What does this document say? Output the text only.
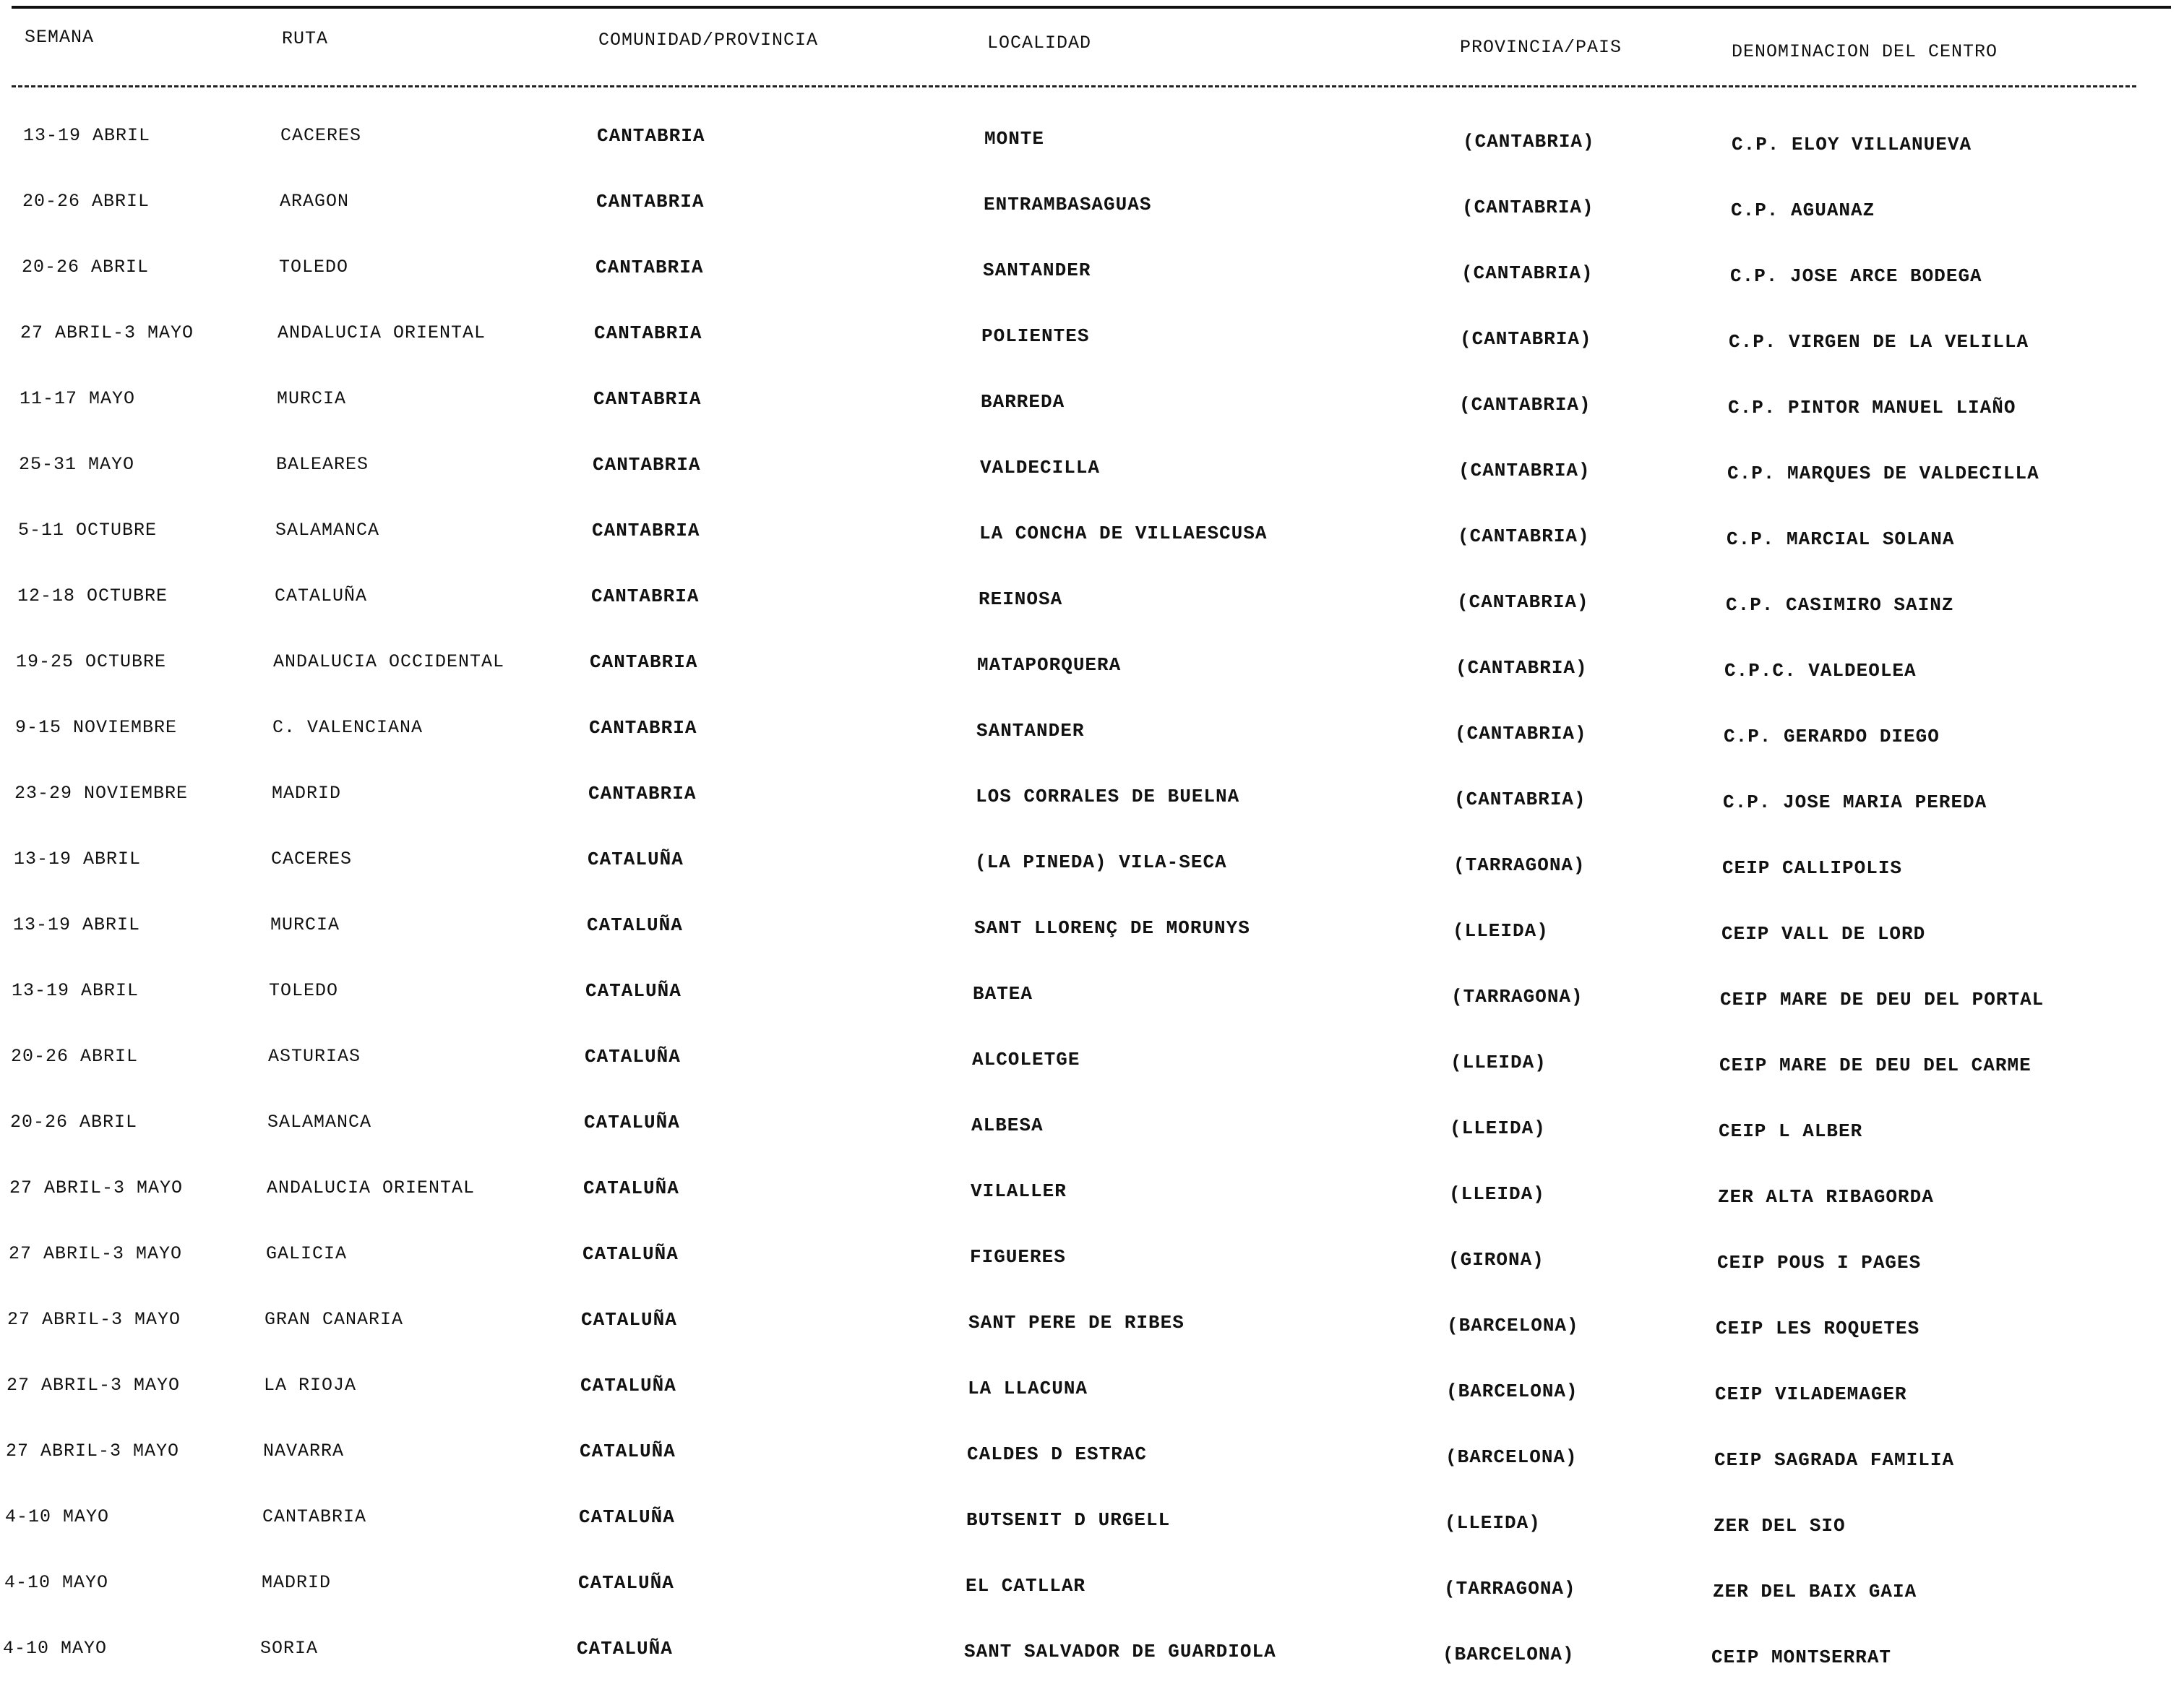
SEMANA	RUTA	COMUNIDAD/PROVINCIA	LOCALIDAD	PROVINCIA/PAIS	DENOMINACION DEL CENTRO
13-19 ABRIL	CACERES	CANTABRIA	MONTE	(CANTABRIA)	C.P. ELOY VILLANUEVA
20-26 ABRIL	ARAGON	CANTABRIA	ENTRAMBASAGUAS	(CANTABRIA)	C.P. AGUANAZ
20-26 ABRIL	TOLEDO	CANTABRIA	SANTANDER	(CANTABRIA)	C.P. JOSE ARCE BODEGA
27 ABRIL-3 MAYO	ANDALUCIA ORIENTAL	CANTABRIA	POLIENTES	(CANTABRIA)	C.P. VIRGEN DE LA VELILLA
11-17 MAYO	MURCIA	CANTABRIA	BARREDA	(CANTABRIA)	C.P. PINTOR MANUEL LIAÑO
25-31 MAYO	BALEARES	CANTABRIA	VALDECILLA	(CANTABRIA)	C.P. MARQUES DE VALDECILLA
5-11 OCTUBRE	SALAMANCA	CANTABRIA	LA CONCHA DE VILLAESCUSA	(CANTABRIA)	C.P. MARCIAL SOLANA
12-18 OCTUBRE	CATALUÑA	CANTABRIA	REINOSA	(CANTABRIA)	C.P. CASIMIRO SAINZ
19-25 OCTUBRE	ANDALUCIA OCCIDENTAL	CANTABRIA	MATAPORQUERA	(CANTABRIA)	C.P.C. VALDEOLEA
9-15 NOVIEMBRE	C. VALENCIANA	CANTABRIA	SANTANDER	(CANTABRIA)	C.P. GERARDO DIEGO
23-29 NOVIEMBRE	MADRID	CANTABRIA	LOS CORRALES DE BUELNA	(CANTABRIA)	C.P. JOSE MARIA PEREDA
13-19 ABRIL	CACERES	CATALUÑA	(LA PINEDA) VILA-SECA	(TARRAGONA)	CEIP CALLIPOLIS
13-19 ABRIL	MURCIA	CATALUÑA	SANT LLORENÇ DE MORUNYS	(LLEIDA)	CEIP VALL DE LORD
13-19 ABRIL	TOLEDO	CATALUÑA	BATEA	(TARRAGONA)	CEIP MARE DE DEU DEL PORTAL
20-26 ABRIL	ASTURIAS	CATALUÑA	ALCOLETGE	(LLEIDA)	CEIP MARE DE DEU DEL CARME
20-26 ABRIL	SALAMANCA	CATALUÑA	ALBESA	(LLEIDA)	CEIP L ALBER
27 ABRIL-3 MAYO	ANDALUCIA ORIENTAL	CATALUÑA	VILALLER	(LLEIDA)	ZER ALTA RIBAGORDA
27 ABRIL-3 MAYO	GALICIA	CATALUÑA	FIGUERES	(GIRONA)	CEIP POUS I PAGES
27 ABRIL-3 MAYO	GRAN CANARIA	CATALUÑA	SANT PERE DE RIBES	(BARCELONA)	CEIP LES ROQUETES
27 ABRIL-3 MAYO	LA RIOJA	CATALUÑA	LA LLACUNA	(BARCELONA)	CEIP VILADEMAGER
27 ABRIL-3 MAYO	NAVARRA	CATALUÑA	CALDES D ESTRAC	(BARCELONA)	CEIP SAGRADA FAMILIA
4-10 MAYO	CANTABRIA	CATALUÑA	BUTSENIT D URGELL	(LLEIDA)	ZER DEL SIO
4-10 MAYO	MADRID	CATALUÑA	EL CATLLAR	(TARRAGONA)	ZER DEL BAIX GAIA
4-10 MAYO	SORIA	CATALUÑA	SANT SALVADOR DE GUARDIOLA	(BARCELONA)	CEIP MONTSERRAT
